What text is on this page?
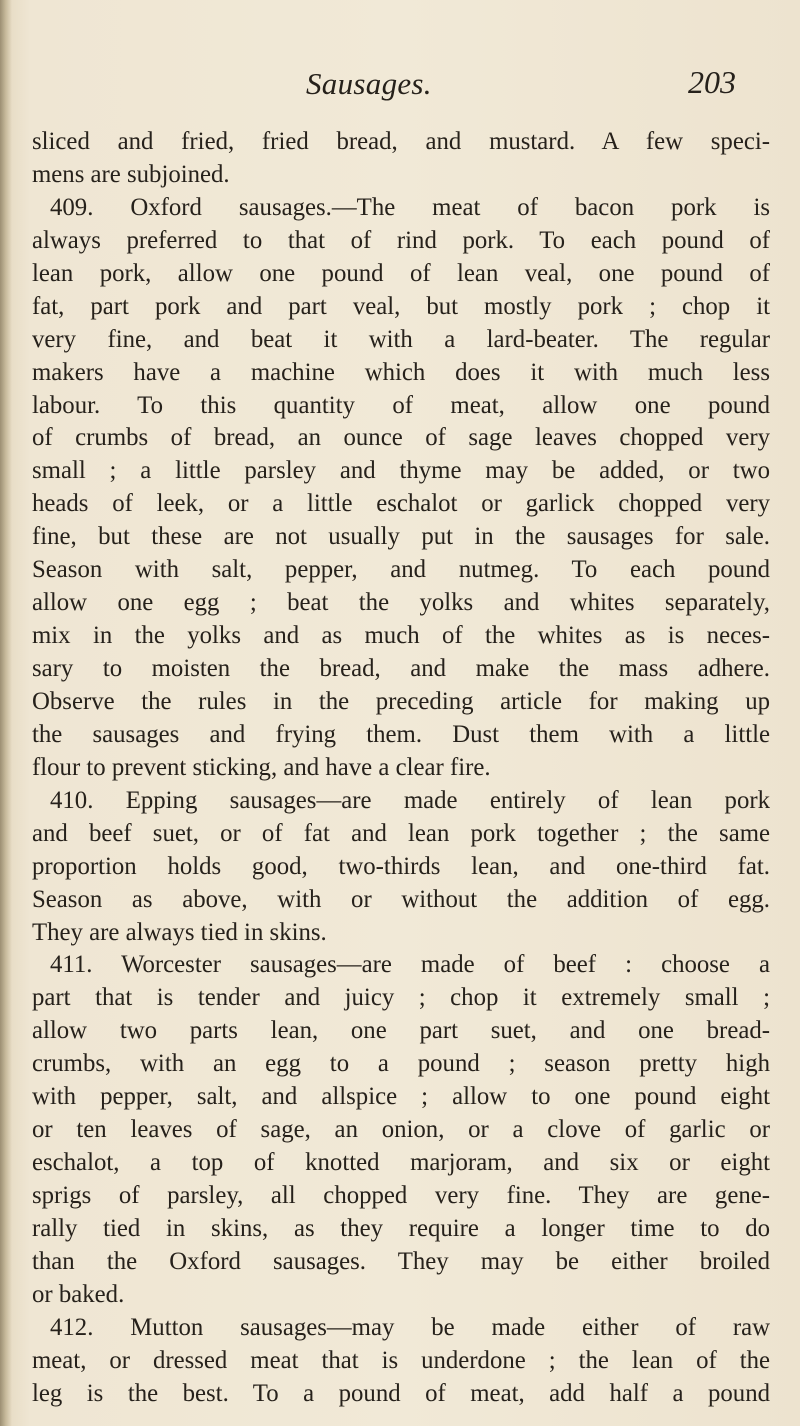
Sausages.	203
sliced and fried, fried bread, and mustard. A few speci-
mens are subjoined.
409. Oxford sausages.—The meat of bacon pork is
always preferred to that of rind pork. To each pound of
lean pork, allow one pound of lean veal, one pound of
fat, part pork and part veal, but mostly pork ; chop it
very fine, and beat it with a lard-beater. The regular
makers have a machine which does it with much less
labour. To this quantity of meat, allow one pound
of crumbs of bread, an ounce of sage leaves chopped very
small ; a little parsley and thyme may be added, or two
heads of leek, or a little eschalot or garlick chopped very
fine, but these are not usually put in the sausages for sale.
Season with salt, pepper, and nutmeg. To each pound
allow one egg ; beat the yolks and whites separately,
mix in the yolks and as much of the whites as is neces-
sary to moisten the bread, and make the mass adhere.
Observe the rules in the preceding article for making up
the sausages and frying them. Dust them with a little
flour to prevent sticking, and have a clear fire.
410. Epping sausages—are made entirely of lean pork
and beef suet, or of fat and lean pork together ; the same
proportion holds good, two-thirds lean, and one-third fat.
Season as above, with or without the addition of egg.
They are always tied in skins.
411. Worcester sausages—are made of beef : choose a
part that is tender and juicy ; chop it extremely small ;
allow two parts lean, one part suet, and one bread-
crumbs, with an egg to a pound ; season pretty high
with pepper, salt, and allspice ; allow to one pound eight
or ten leaves of sage, an onion, or a clove of garlic or
eschalot, a top of knotted marjoram, and six or eight
sprigs of parsley, all chopped very fine. They are gene-
rally tied in skins, as they require a longer time to do
than the Oxford sausages. They may be either broiled
or baked.
412. Mutton sausages—may be made either of raw
meat, or dressed meat that is underdone ; the lean of the
leg is the best. To a pound of meat, add half a pound
